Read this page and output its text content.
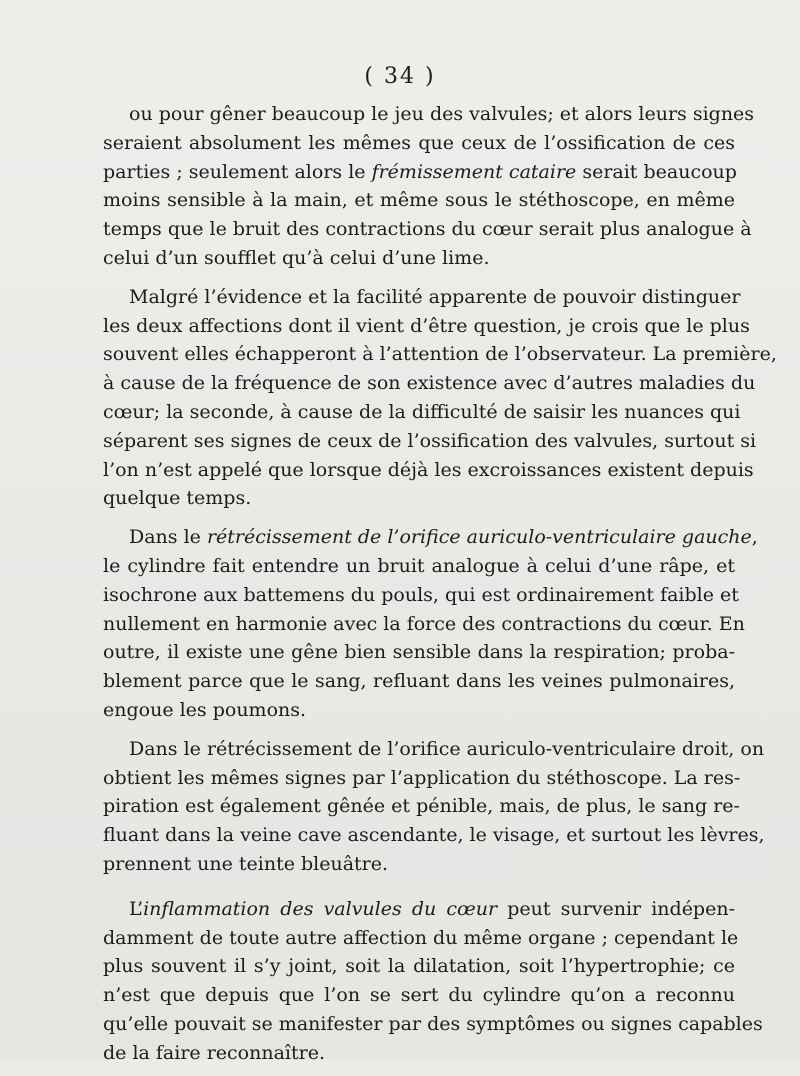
( 34 )
ou pour gêner beaucoup le jeu des valvules; et alors leurs signes
seraient absolument les mêmes que ceux de l’ossification de ces
parties ; seulement alors le frémissement cataire serait beaucoup
moins sensible à la main, et même sous le stéthoscope, en même
temps que le bruit des contractions du cœur serait plus analogue à
celui d’un soufflet qu’à celui d’une lime.
Malgré l’évidence et la facilité apparente de pouvoir distinguer
les deux affections dont il vient d’être question, je crois que le plus
souvent elles échapperont à l’attention de l’observateur. La première,
à cause de la fréquence de son existence avec d’autres maladies du
cœur; la seconde, à cause de la difficulté de saisir les nuances qui
séparent ses signes de ceux de l’ossification des valvules, surtout si
l’on n’est appelé que lorsque déjà les excroissances existent depuis
quelque temps.
Dans le rétrécissement de l’orifice auriculo-ventriculaire gauche,
le cylindre fait entendre un bruit analogue à celui d’une râpe, et
isochrone aux battemens du pouls, qui est ordinairement faible et
nullement en harmonie avec la force des contractions du cœur. En
outre, il existe une gêne bien sensible dans la respiration; proba-
blement parce que le sang, refluant dans les veines pulmonaires,
engoue les poumons.
Dans le rétrécissement de l’orifice auriculo-ventriculaire droit, on
obtient les mêmes signes par l’application du stéthoscope. La res-
piration est également gênée et pénible, mais, de plus, le sang re-
fluant dans la veine cave ascendante, le visage, et surtout les lèvres,
prennent une teinte bleuâtre.
L’inflammation des valvules du cœur peut survenir indépen-
damment de toute autre affection du même organe ; cependant le
plus souvent il s’y joint, soit la dilatation, soit l’hypertrophie; ce
n’est que depuis que l’on se sert du cylindre qu’on a reconnu
qu’elle pouvait se manifester par des symptômes ou signes capables
de la faire reconnaître.
